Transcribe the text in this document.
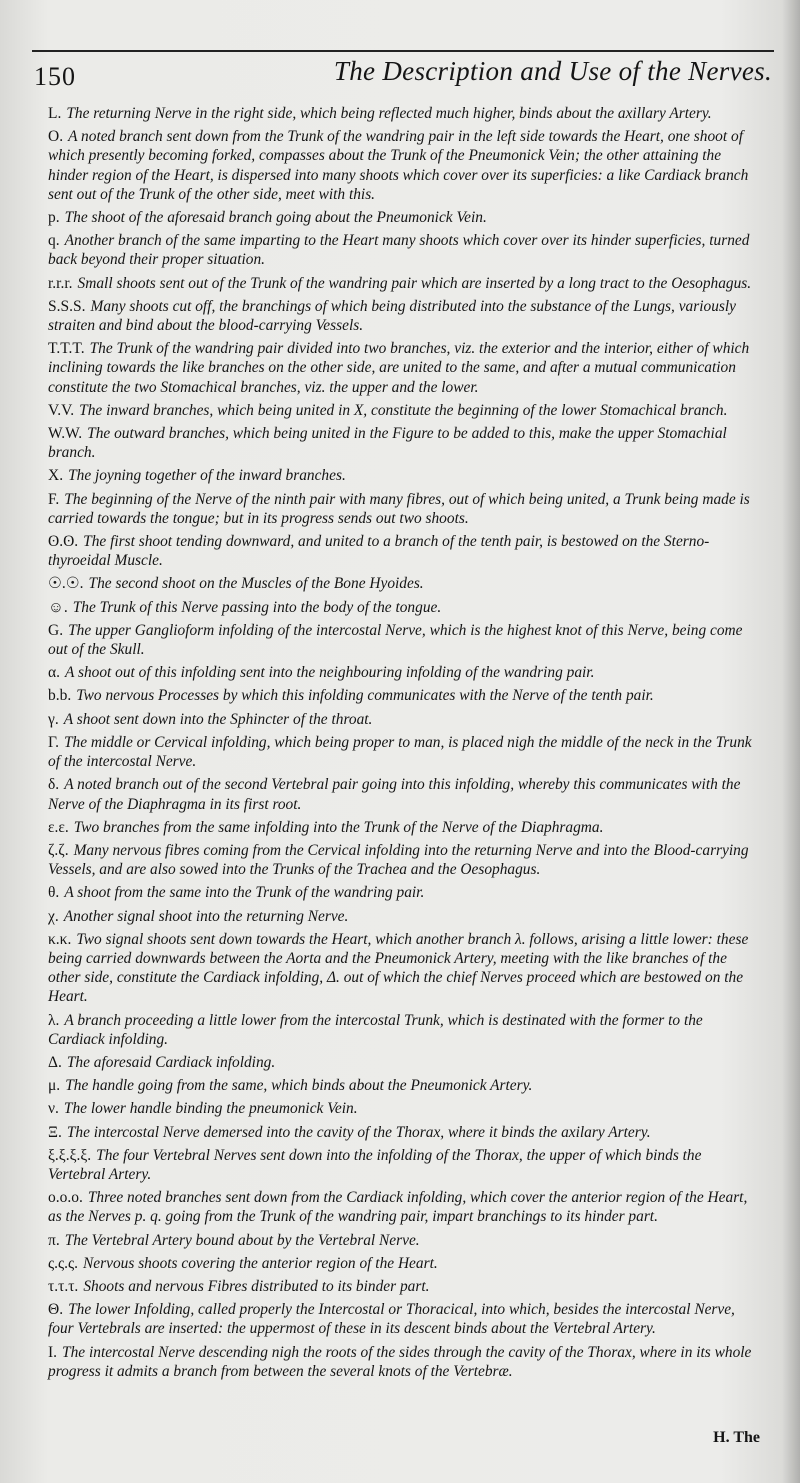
150	The Description and Use of the Nerves.
L. The returning Nerve in the right side, which being reflected much higher, binds about the axillary Artery.
O. A noted branch sent down from the Trunk of the wandring pair in the left side towards the Heart, one shoot of which presently becoming forked, compasses about the Trunk of the Pneumonick Vein; the other attaining the hinder region of the Heart, is dispersed into many shoots which cover over its superficies: a like Cardiack branch sent out of the Trunk of the other side, meet with this.
p. The shoot of the aforesaid branch going about the Pneumonick Vein.
q. Another branch of the same imparting to the Heart many shoots which cover over its hinder superficies, turned back beyond their proper situation.
r.r.r. Small shoots sent out of the Trunk of the wandring pair which are inserted by a long tract to the Oesophagus.
S.S.S. Many shoots cut off, the branchings of which being distributed into the substance of the Lungs, variously straiten and bind about the blood-carrying Vessels.
T.T.T. The Trunk of the wandring pair divided into two branches, viz. the exterior and the interior, either of which inclining towards the like branches on the other side, are united to the same, and after a mutual communication constitute the two Stomachical branches, viz. the upper and the lower.
V.V. The inward branches, which being united in X, constitute the beginning of the lower Stomachical branch.
W.W. The outward branches, which being united in the Figure to be added to this, make the upper Stomachial branch.
X. The joyning together of the inward branches.
F. The beginning of the Nerve of the ninth pair with many fibres, out of which being united, a Trunk being made is carried towards the tongue; but in its progress sends out two shoots.
ʘ.ʘ. The first shoot tending downward, and united to a branch of the tenth pair, is bestowed on the Sterno-thyroeidal Muscle.
☉.☉. The second shoot on the Muscles of the Bone Hyoides.
☺. The Trunk of this Nerve passing into the body of the tongue.
G. The upper Ganglioform infolding of the intercostal Nerve, which is the highest knot of this Nerve, being come out of the Skull.
α. A shoot out of this infolding sent into the neighbouring infolding of the wandring pair.
b.b. Two nervous Processes by which this infolding communicates with the Nerve of the tenth pair.
γ. A shoot sent down into the Sphincter of the throat.
Γ. The middle or Cervical infolding, which being proper to man, is placed nigh the middle of the neck in the Trunk of the intercostal Nerve.
δ. A noted branch out of the second Vertebral pair going into this infolding, whereby this communicates with the Nerve of the Diaphragma in its first root.
ε.ε. Two branches from the same infolding into the Trunk of the Nerve of the Diaphragma.
ζ.ζ. Many nervous fibres coming from the Cervical infolding into the returning Nerve and into the Blood-carrying Vessels, and are also sowed into the Trunks of the Trachea and the Oesophagus.
θ. A shoot from the same into the Trunk of the wandring pair.
χ. Another signal shoot into the returning Nerve.
κ.κ. Two signal shoots sent down towards the Heart, which another branch λ. follows, arising a little lower: these being carried downwards between the Aorta and the Pneumonick Artery, meeting with the like branches of the other side, constitute the Cardiack infolding, Δ. out of which the chief Nerves proceed which are bestowed on the Heart.
λ. A branch proceeding a little lower from the intercostal Trunk, which is destinated with the former to the Cardiack infolding.
Δ. The aforesaid Cardiack infolding.
μ. The handle going from the same, which binds about the Pneumonick Artery.
ν. The lower handle binding the pneumonick Vein.
Ξ. The intercostal Nerve demersed into the cavity of the Thorax, where it binds the axilary Artery.
ξ.ξ.ξ.ξ. The four Vertebral Nerves sent down into the infolding of the Thorax, the upper of which binds the Vertebral Artery.
ο.ο.ο. Three noted branches sent down from the Cardiack infolding, which cover the anterior region of the Heart, as the Nerves p. q. going from the Trunk of the wandring pair, impart branchings to its hinder part.
π. The Vertebral Artery bound about by the Vertebral Nerve.
ς.ς.ς. Nervous shoots covering the anterior region of the Heart.
τ.τ.τ. Shoots and nervous Fibres distributed to its binder part.
Θ. The lower Infolding, called properly the Intercostal or Thoracical, into which, besides the intercostal Nerve, four Vertebrals are inserted: the uppermost of these in its descent binds about the Vertebral Artery.
I. The intercostal Nerve descending nigh the roots of the sides through the cavity of the Thorax, where in its whole progress it admits a branch from between the several knots of the Vertebræ.
H. The
